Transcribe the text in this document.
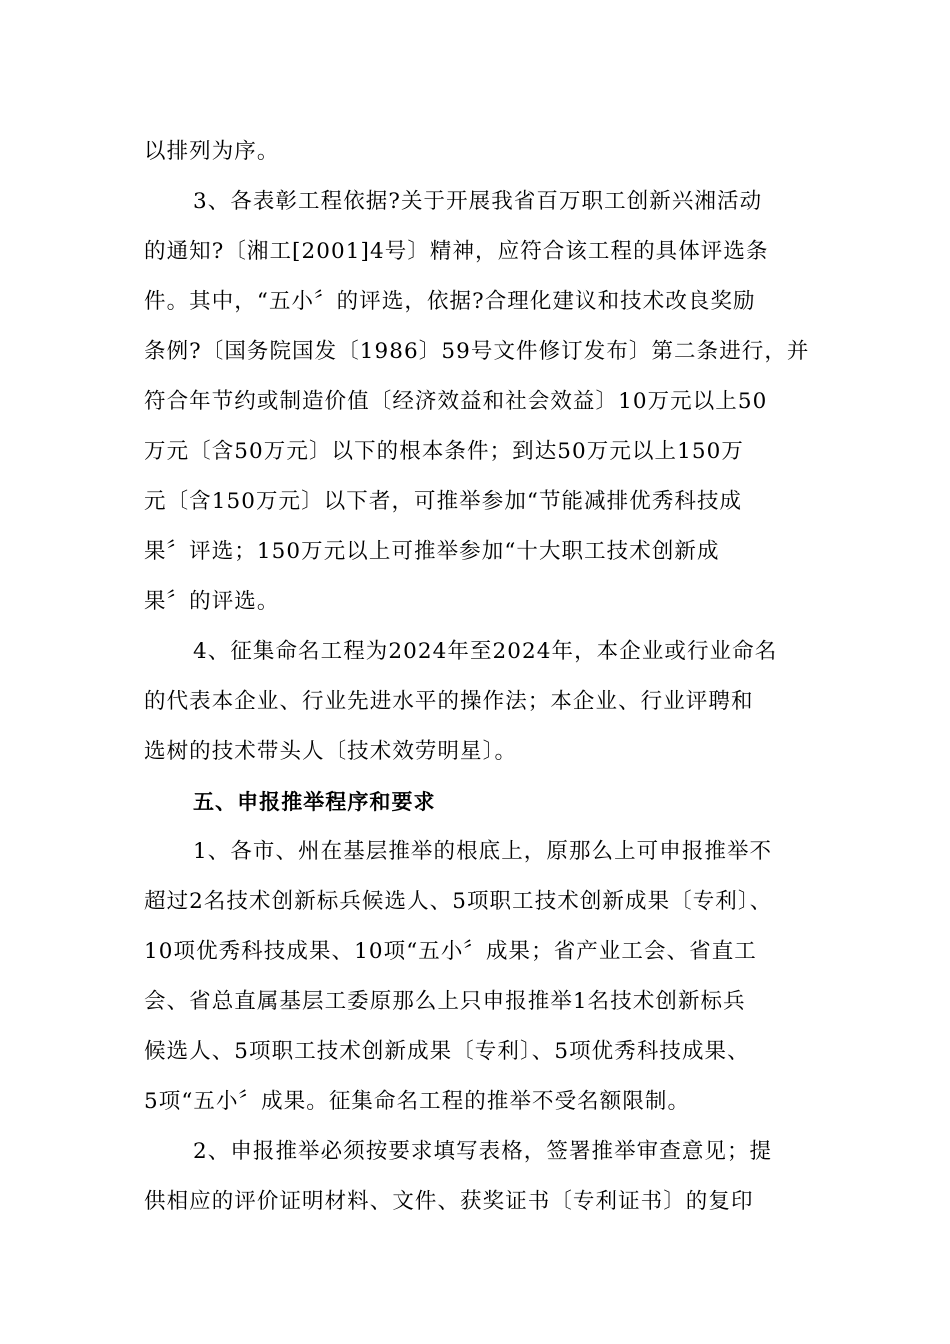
以排列为序。
3、各表彰工程依据?关于开展我省百万职工创新兴湘活动
的通知?〔湘工[2001]4号〕精神，应符合该工程的具体评选条
件。其中，“五小〞的评选，依据?合理化建议和技术改良奖励
条例?〔国务院国发〔1986〕59号文件修订发布〕第二条进行，并
符合年节约或制造价值〔经济效益和社会效益〕10万元以上50
万元〔含50万元〕以下的根本条件；到达50万元以上150万
元〔含150万元〕以下者，可推举参加“节能减排优秀科技成
果〞评选；150万元以上可推举参加“十大职工技术创新成
果〞的评选。
4、征集命名工程为2024年至2024年，本企业或行业命名
的代表本企业、行业先进水平的操作法；本企业、行业评聘和
选树的技术带头人〔技术效劳明星〕。
五、申报推举程序和要求
1、各市、州在基层推举的根底上，原那么上可申报推举不
超过2名技术创新标兵候选人、5项职工技术创新成果〔专利〕、
10项优秀科技成果、10项“五小〞成果；省产业工会、省直工
会、省总直属基层工委原那么上只申报推举1名技术创新标兵
候选人、5项职工技术创新成果〔专利〕、5项优秀科技成果、
5项“五小〞成果。征集命名工程的推举不受名额限制。
2、申报推举必须按要求填写表格，签署推举审查意见；提
供相应的评价证明材料、文件、获奖证书〔专利证书〕的复印
